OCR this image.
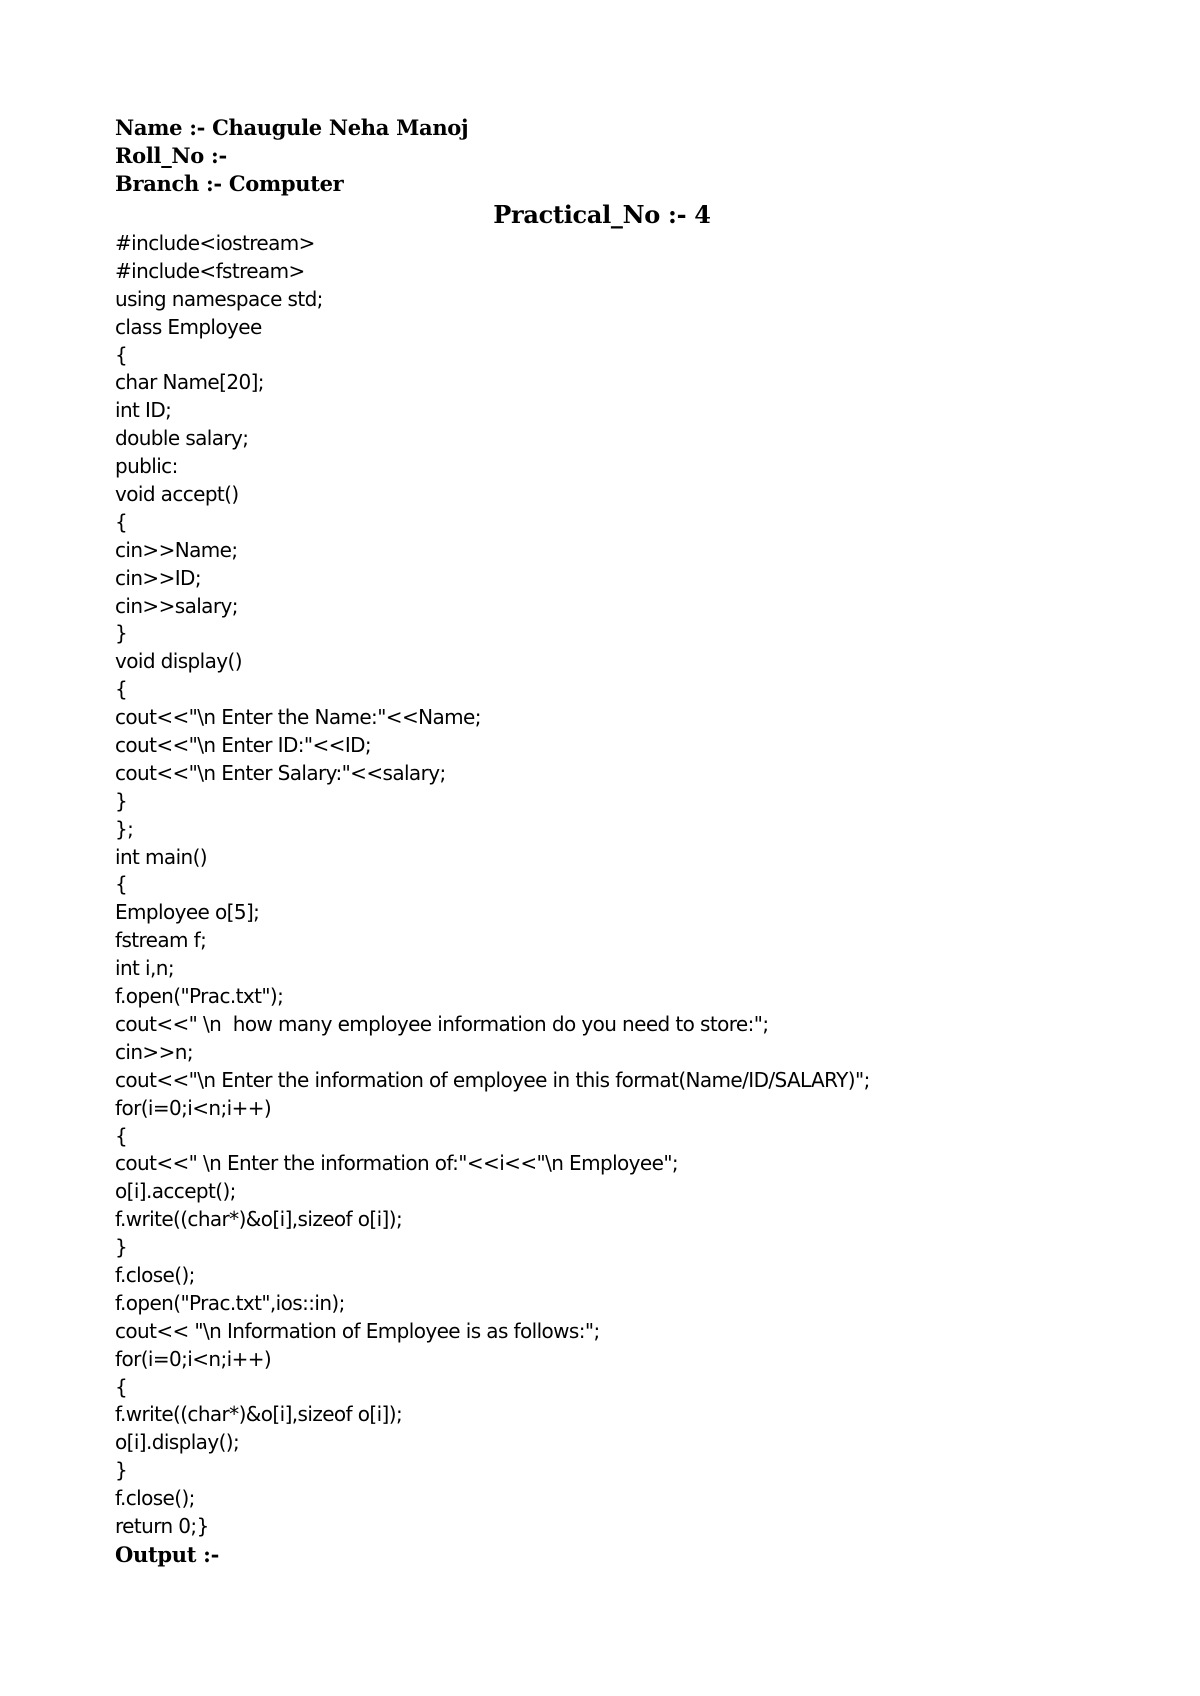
Name :- Chaugule Neha Manoj
Roll_No :-
Branch :- Computer
Practical_No :- 4
#include<iostream>
#include<fstream>
using namespace std;
class Employee
{
char Name[20];
int ID;
double salary;
public:
void accept()
{
cin>>Name;
cin>>ID;
cin>>salary;
}
void display()
{
cout<<"\n Enter the Name:"<<Name;
cout<<"\n Enter ID:"<<ID;
cout<<"\n Enter Salary:"<<salary;
}
};
int main()
{
Employee o[5];
fstream f;
int i,n;
f.open("Prac.txt");
cout<<" \n  how many employee information do you need to store:";
cin>>n;
cout<<"\n Enter the information of employee in this format(Name/ID/SALARY)";
for(i=0;i<n;i++)
{
cout<<" \n Enter the information of:"<<i<<"\n Employee";
o[i].accept();
f.write((char*)&o[i],sizeof o[i]);
}
f.close();
f.open("Prac.txt",ios::in);
cout<< "\n Information of Employee is as follows:";
for(i=0;i<n;i++)
{
f.write((char*)&o[i],sizeof o[i]);
o[i].display();
}
f.close();
return 0;}
Output :-
